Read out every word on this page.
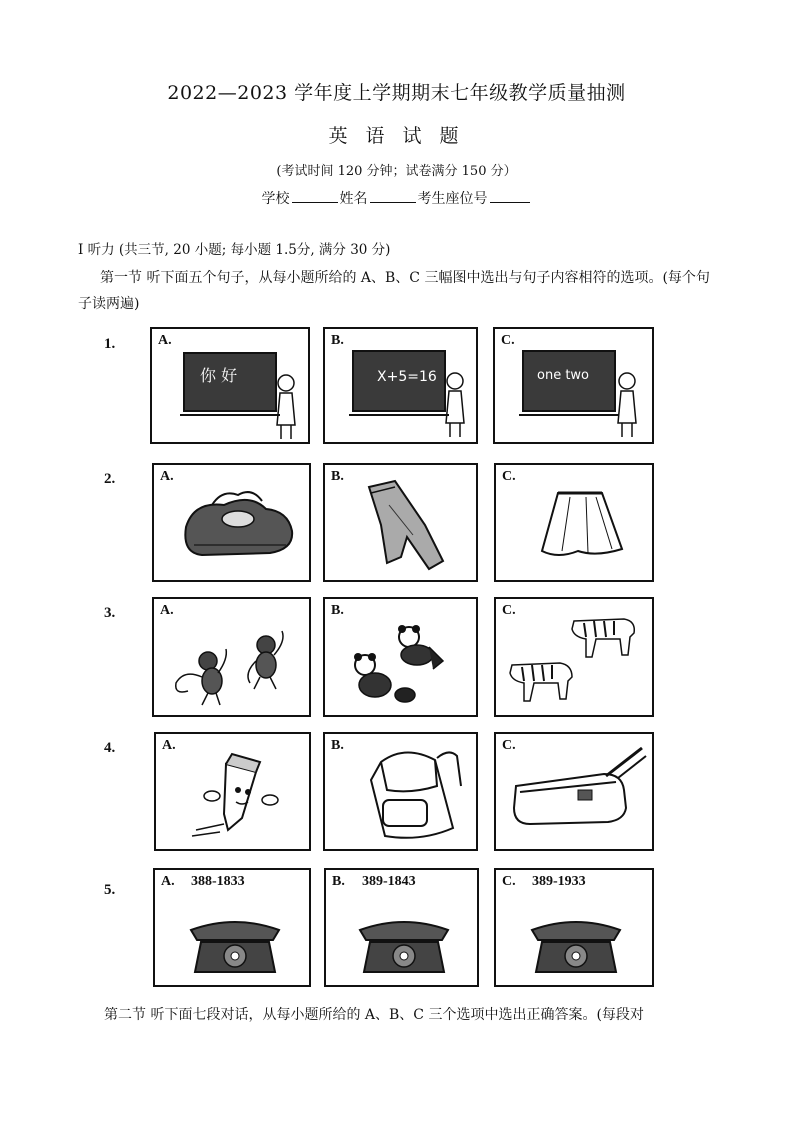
2022—2023 学年度上学期期末七年级教学质量抽测
英 语 试 题
(考试时间 120 分钟；试卷满分 150 分）
学校	姓名	考生座位号
Ⅰ 听力 (共三节, 20 小题; 每小题 1.5分, 满分 30 分)
第一节 听下面五个句子，从每小题所给的 A、B、C 三幅图中选出与句子内容相符的选项。(每个句子读两遍)
1.	A.
你 好
B.
X+5=16
C.
one two
2.	A.	B.	C.
3.	A.	B.	C.
4.	A.	B.	C.
5.
A. 388-1833	B. 389-1843	C. 389-1933
第二节 听下面七段对话，从每小题所给的 A、B、C 三个选项中选出正确答案。(每段对
